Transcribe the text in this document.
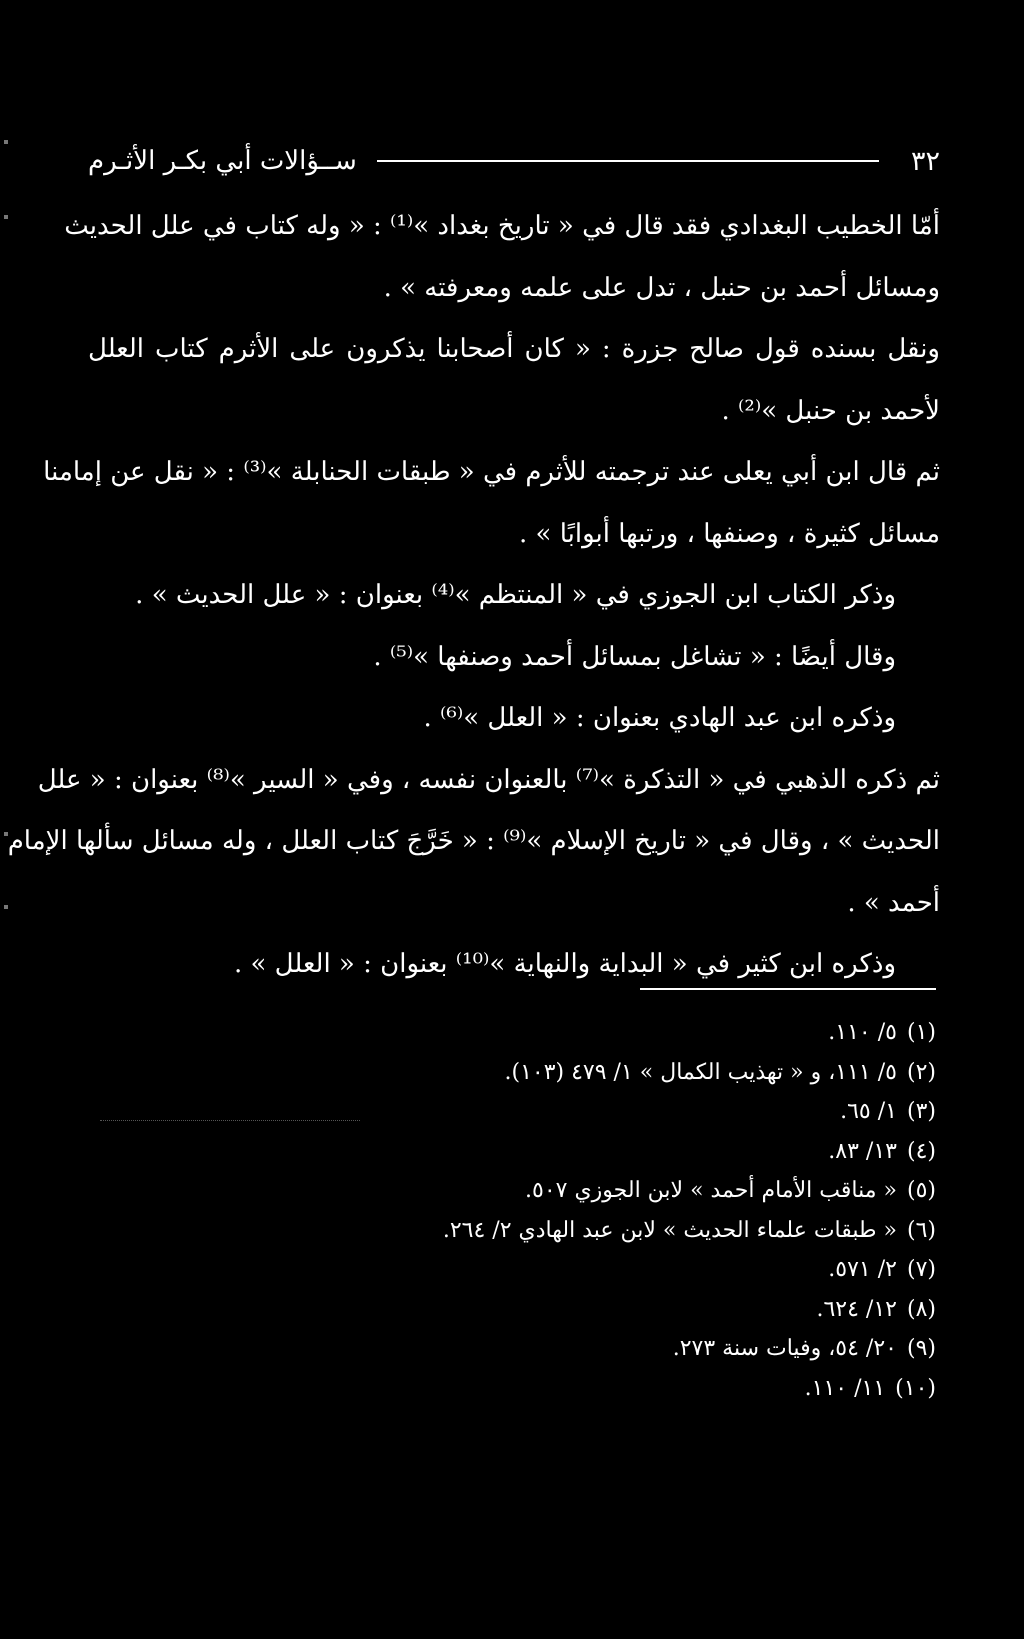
٣٢
ســؤالات أبي بكـر الأثـرم
أمّا الخطيب البغدادي فقد قال في « تاريخ بغداد »⁽¹⁾ : « وله كتاب في علل الحديث
ومسائل أحمد بن حنبل ، تدل على علمه ومعرفته » .
ونقل بسنده قول صالح جزرة : « كان أصحابنا يذكرون على الأثرم كتاب العلل
لأحمد بن حنبل »⁽²⁾ .
ثم قال ابن أبي يعلى عند ترجمته للأثرم في « طبقات الحنابلة »⁽³⁾ : « نقل عن إمامنا
مسائل كثيرة ، وصنفها ، ورتبها أبوابًا » .
وذكر الكتاب ابن الجوزي في « المنتظم »⁽⁴⁾ بعنوان : « علل الحديث » .
وقال أيضًا : « تشاغل بمسائل أحمد وصنفها »⁽⁵⁾ .
وذكره ابن عبد الهادي بعنوان : « العلل »⁽⁶⁾ .
ثم ذكره الذهبي في « التذكرة »⁽⁷⁾ بالعنوان نفسه ، وفي « السير »⁽⁸⁾ بعنوان : « علل
الحديث » ، وقال في « تاريخ الإسلام »⁽⁹⁾ : « خَرَّجَ كتاب العلل ، وله مسائل سألها الإمام
أحمد » .
وذكره ابن كثير في « البداية والنهاية »⁽¹⁰⁾ بعنوان : « العلل » .
(١)٥/ ١١٠.
(٢)٥/ ١١١، و « تهذيب الكمال » ١/ ٤٧٩ (١٠٣).
(٣)١/ ٦٥.
(٤)١٣/ ٨٣.
(٥)« مناقب الأمام أحمد » لابن الجوزي ٥٠٧.
(٦)« طبقات علماء الحديث » لابن عبد الهادي ٢/ ٢٦٤.
(٧)٢/ ٥٧١.
(٨)١٢/ ٦٢٤.
(٩)٢٠/ ٥٤، وفيات سنة ٢٧٣.
(١٠)١١/ ١١٠.
